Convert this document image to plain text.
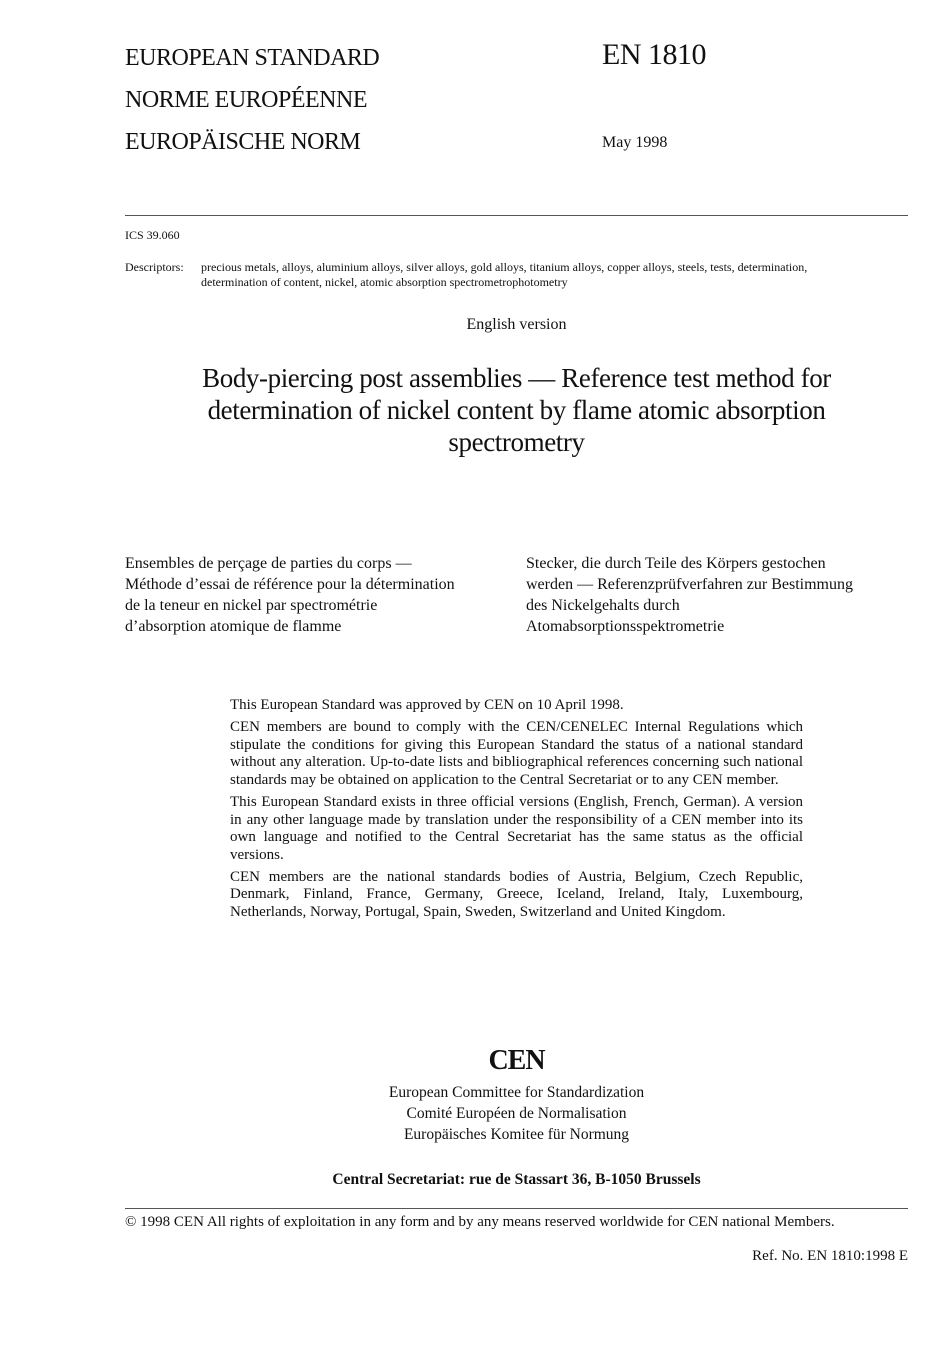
EUROPEAN STANDARD
NORME EUROPÉENNE
EUROPÄISCHE NORM
EN 1810
May 1998
ICS 39.060
Descriptors: precious metals, alloys, aluminium alloys, silver alloys, gold alloys, titanium alloys, copper alloys, steels, tests, determination,
determination of content, nickel, atomic absorption spectrometrophotometry
English version
Body-piercing post assemblies — Reference test method for
determination of nickel content by flame atomic absorption
spectrometry
Ensembles de perçage de parties du corps —
Méthode d’essai de référence pour la détermination
de la teneur en nickel par spectrométrie
d’absorption atomique de flamme
Stecker, die durch Teile des Körpers gestochen
werden — Referenzprüfverfahren zur Bestimmung
des Nickelgehalts durch
Atomabsorptionsspektrometrie

This European Standard was approved by CEN on 10 April 1998.

CEN members are bound to comply with the CEN/CENELEC Internal Regulations which stipulate the conditions for giving this European Standard the status of a national standard without any alteration. Up-to-date lists and bibliographical references concerning such national standards may be obtained on application to the Central Secretariat or to any CEN member.

This European Standard exists in three official versions (English, French, German). A version in any other language made by translation under the responsibility of a CEN member into its own language and notified to the Central Secretariat has the same status as the official versions.

CEN members are the national standards bodies of Austria, Belgium, Czech Republic, Denmark, Finland, France, Germany, Greece, Iceland, Ireland, Italy, Luxembourg, Netherlands, Norway, Portugal, Spain, Sweden, Switzerland and United Kingdom.

CEN
European Committee for Standardization
Comité Européen de Normalisation
Europäisches Komitee für Normung
Central Secretariat: rue de Stassart 36, B-1050 Brussels
© 1998 CEN All rights of exploitation in any form and by any means reserved worldwide for CEN national Members.
Ref. No. EN 1810:1998 E
